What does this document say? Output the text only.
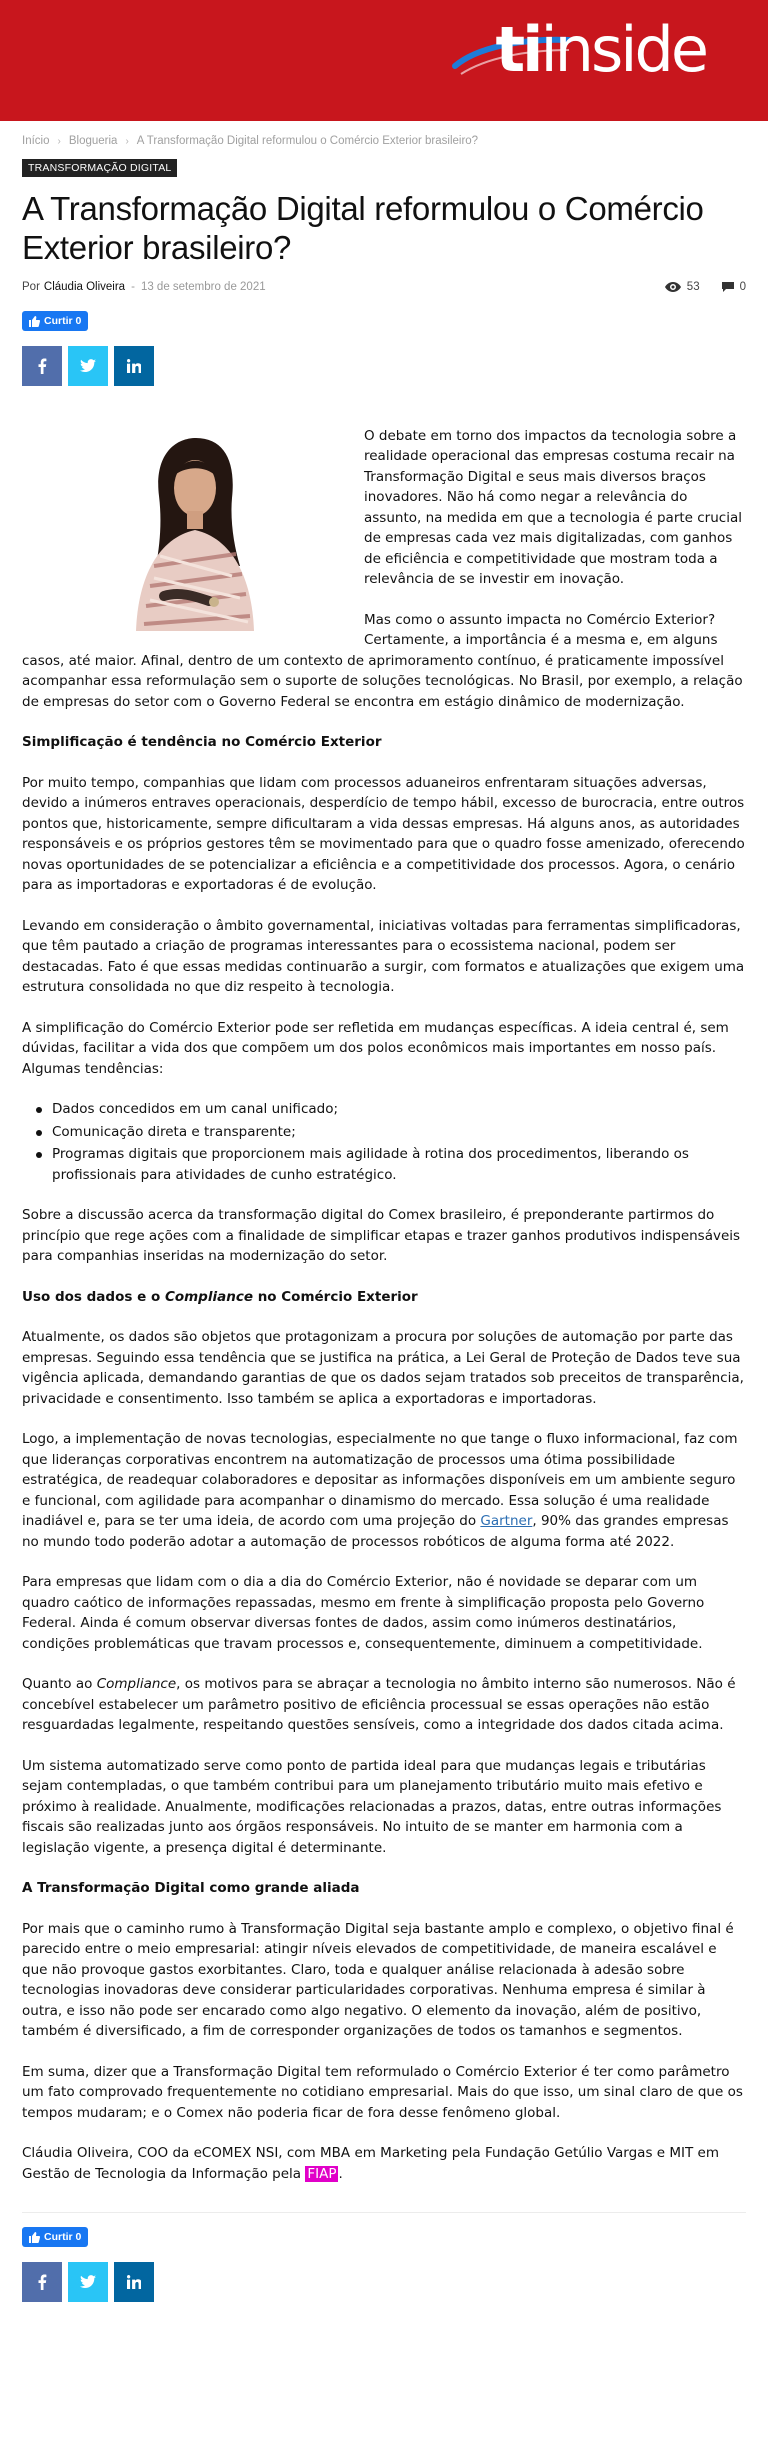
tiinside
Início › Blogueria › A Transformação Digital reformulou o Comércio Exterior brasileiro?
TRANSFORMAÇÃO DIGITAL
A Transformação Digital reformulou o Comércio Exterior brasileiro?
Por Cláudia Oliveira - 13 de setembro de 2021	53	0
Curtir 0

O debate em torno dos impactos da tecnologia sobre a realidade operacional das empresas costuma recair na Transformação Digital e seus mais diversos braços inovadores. Não há como negar a relevância do assunto, na medida em que a tecnologia é parte crucial de empresas cada vez mais digitalizadas, com ganhos de eficiência e competitividade que mostram toda a relevância de se investir em inovação.

Mas como o assunto impacta no Comércio Exterior? Certamente, a importância é a mesma e, em alguns casos, até maior. Afinal, dentro de um contexto de aprimoramento contínuo, é praticamente impossível acompanhar essa reformulação sem o suporte de soluções tecnológicas. No Brasil, por exemplo, a relação de empresas do setor com o Governo Federal se encontra em estágio dinâmico de modernização.

Simplificação é tendência no Comércio Exterior

Por muito tempo, companhias que lidam com processos aduaneiros enfrentaram situações adversas, devido a inúmeros entraves operacionais, desperdício de tempo hábil, excesso de burocracia, entre outros pontos que, historicamente, sempre dificultaram a vida dessas empresas. Há alguns anos, as autoridades responsáveis e os próprios gestores têm se movimentado para que o quadro fosse amenizado, oferecendo novas oportunidades de se potencializar a eficiência e a competitividade dos processos. Agora, o cenário para as importadoras e exportadoras é de evolução.

Levando em consideração o âmbito governamental, iniciativas voltadas para ferramentas simplificadoras, que têm pautado a criação de programas interessantes para o ecossistema nacional, podem ser destacadas. Fato é que essas medidas continuarão a surgir, com formatos e atualizações que exigem uma estrutura consolidada no que diz respeito à tecnologia.

A simplificação do Comércio Exterior pode ser refletida em mudanças específicas. A ideia central é, sem dúvidas, facilitar a vida dos que compõem um dos polos econômicos mais importantes em nosso país. Algumas tendências:

Dados concedidos em um canal unificado;
Comunicação direta e transparente;
Programas digitais que proporcionem mais agilidade à rotina dos procedimentos, liberando os profissionais para atividades de cunho estratégico.

Sobre a discussão acerca da transformação digital do Comex brasileiro, é preponderante partirmos do princípio que rege ações com a finalidade de simplificar etapas e trazer ganhos produtivos indispensáveis para companhias inseridas na modernização do setor.

Uso dos dados e o Compliance no Comércio Exterior

Atualmente, os dados são objetos que protagonizam a procura por soluções de automação por parte das empresas. Seguindo essa tendência que se justifica na prática, a Lei Geral de Proteção de Dados teve sua vigência aplicada, demandando garantias de que os dados sejam tratados sob preceitos de transparência, privacidade e consentimento. Isso também se aplica a exportadoras e importadoras.

Logo, a implementação de novas tecnologias, especialmente no que tange o fluxo informacional, faz com que lideranças corporativas encontrem na automatização de processos uma ótima possibilidade estratégica, de readequar colaboradores e depositar as informações disponíveis em um ambiente seguro e funcional, com agilidade para acompanhar o dinamismo do mercado. Essa solução é uma realidade inadiável e, para se ter uma ideia, de acordo com uma projeção do Gartner, 90% das grandes empresas no mundo todo poderão adotar a automação de processos robóticos de alguma forma até 2022.

Para empresas que lidam com o dia a dia do Comércio Exterior, não é novidade se deparar com um quadro caótico de informações repassadas, mesmo em frente à simplificação proposta pelo Governo Federal. Ainda é comum observar diversas fontes de dados, assim como inúmeros destinatários, condições problemáticas que travam processos e, consequentemente, diminuem a competitividade.

Quanto ao Compliance, os motivos para se abraçar a tecnologia no âmbito interno são numerosos. Não é concebível estabelecer um parâmetro positivo de eficiência processual se essas operações não estão resguardadas legalmente, respeitando questões sensíveis, como a integridade dos dados citada acima.

Um sistema automatizado serve como ponto de partida ideal para que mudanças legais e tributárias sejam contempladas, o que também contribui para um planejamento tributário muito mais efetivo e próximo à realidade. Anualmente, modificações relacionadas a prazos, datas, entre outras informações fiscais são realizadas junto aos órgãos responsáveis. No intuito de se manter em harmonia com a legislação vigente, a presença digital é determinante.

A Transformação Digital como grande aliada

Por mais que o caminho rumo à Transformação Digital seja bastante amplo e complexo, o objetivo final é parecido entre o meio empresarial: atingir níveis elevados de competitividade, de maneira escalável e que não provoque gastos exorbitantes. Claro, toda e qualquer análise relacionada à adesão sobre tecnologias inovadoras deve considerar particularidades corporativas. Nenhuma empresa é similar à outra, e isso não pode ser encarado como algo negativo. O elemento da inovação, além de positivo, também é diversificado, a fim de corresponder organizações de todos os tamanhos e segmentos.

Em suma, dizer que a Transformação Digital tem reformulado o Comércio Exterior é ter como parâmetro um fato comprovado frequentemente no cotidiano empresarial. Mais do que isso, um sinal claro de que os tempos mudaram; e o Comex não poderia ficar de fora desse fenômeno global.

Cláudia Oliveira, COO da eCOMEX NSI, com MBA em Marketing pela Fundação Getúlio Vargas e MIT em Gestão de Tecnologia da Informação pela FIAP .

Curtir 0
